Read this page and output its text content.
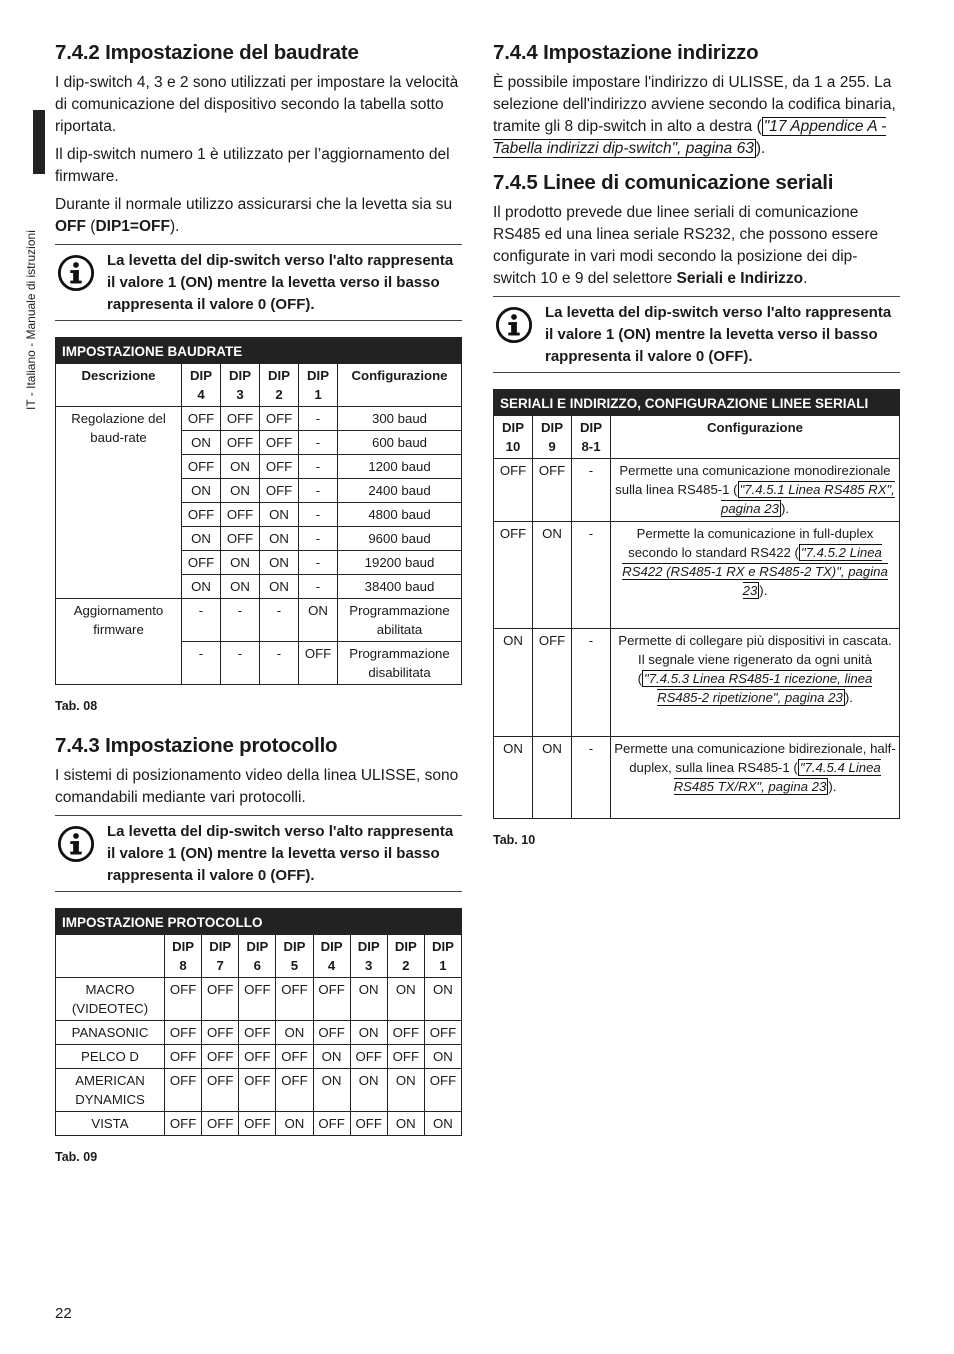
IT - Italiano - Manuale di istruzioni
7.4.2 Impostazione del baudrate

I dip-switch 4, 3 e 2 sono utilizzati per impostare la velocità di comunicazione del dispositivo secondo la tabella sotto riportata.

Il dip-switch numero 1 è utilizzato per l’aggiornamento del firmware.

Durante il normale utilizzo assicurarsi che la levetta sia su OFF (DIP1=OFF).

La levetta del dip-switch verso l'alto rappresenta il valore 1 (ON) mentre la levetta verso il basso rappresenta il valore 0 (OFF).
IMPOSTAZIONE BAUDRATE					
Descrizione	DIP 4	DIP 3	DIP 2	DIP 1	Configurazione
Regolazione del baud-rate	OFF	OFF	OFF	-	300 baud
	ON	OFF	OFF	-	600 baud
	OFF	ON	OFF	-	1200 baud
	ON	ON	OFF	-	2400 baud
	OFF	OFF	ON	-	4800 baud
	ON	OFF	ON	-	9600 baud
	OFF	ON	ON	-	19200 baud
	ON	ON	ON	-	38400 baud
Aggiornamento firmware	-	-	-	ON	Programmazione abilitata
	-	-	-	OFF	Programmazione disabilitata
Tab. 08
7.4.3 Impostazione protocollo

I sistemi di posizionamento video della linea ULISSE, sono comandabili mediante vari protocolli.

La levetta del dip-switch verso l'alto rappresenta il valore 1 (ON) mentre la levetta verso il basso rappresenta il valore 0 (OFF).
IMPOSTAZIONE PROTOCOLLO								
	DIP 8	DIP 7	DIP 6	DIP 5	DIP 4	DIP 3	DIP 2	DIP 1
MACRO (VIDEOTEC)	OFF	OFF	OFF	OFF	OFF	ON	ON	ON
PANASONIC	OFF	OFF	OFF	ON	OFF	ON	OFF	OFF
PELCO D	OFF	OFF	OFF	OFF	ON	OFF	OFF	ON
AMERICAN DYNAMICS	OFF	OFF	OFF	OFF	ON	ON	ON	OFF
VISTA	OFF	OFF	OFF	ON	OFF	OFF	ON	ON
Tab. 09
7.4.4 Impostazione indirizzo

È possibile impostare l'indirizzo di ULISSE, da 1 a 255. La selezione dell'indirizzo avviene secondo la codifica binaria, tramite gli 8 dip-switch in alto a destra ( "17 Appendice A - Tabella indirizzi dip-switch", pagina 63 ).

7.4.5 Linee di comunicazione seriali

Il prodotto prevede due linee seriali di comunicazione RS485 ed una linea seriale RS232, che possono essere configurate in vari modi secondo la posizione dei dip-switch 10 e 9 del selettore Seriali e Indirizzo.

La levetta del dip-switch verso l'alto rappresenta il valore 1 (ON) mentre la levetta verso il basso rappresenta il valore 0 (OFF).
SERIALI E INDIRIZZO, CONFIGURAZIONE LINEE SERIALI			
DIP 10	DIP 9	DIP 8-1	Configurazione
OFF	OFF	-	Permette una comunicazione monodirezionale sulla linea RS485-1 ( "7.4.5.1 Linea RS485 RX", pagina 23 ).
OFF	ON	-	Permette la comunicazione in full-duplex secondo lo standard RS422 ( "7.4.5.2 Linea RS422 (RS485-1 RX e RS485-2 TX)", pagina 23 ).
ON	OFF	-	Permette di collegare più dispositivi in cascata. Il segnale viene rigenerato da ogni unità ( "7.4.5.3 Linea RS485-1 ricezione, linea RS485-2 ripetizione", pagina 23 ).
ON	ON	-	Permette una comunicazione bidirezionale, half-duplex, sulla linea RS485-1 ( "7.4.5.4 Linea RS485 TX/RX", pagina 23 ).
Tab. 10
22
